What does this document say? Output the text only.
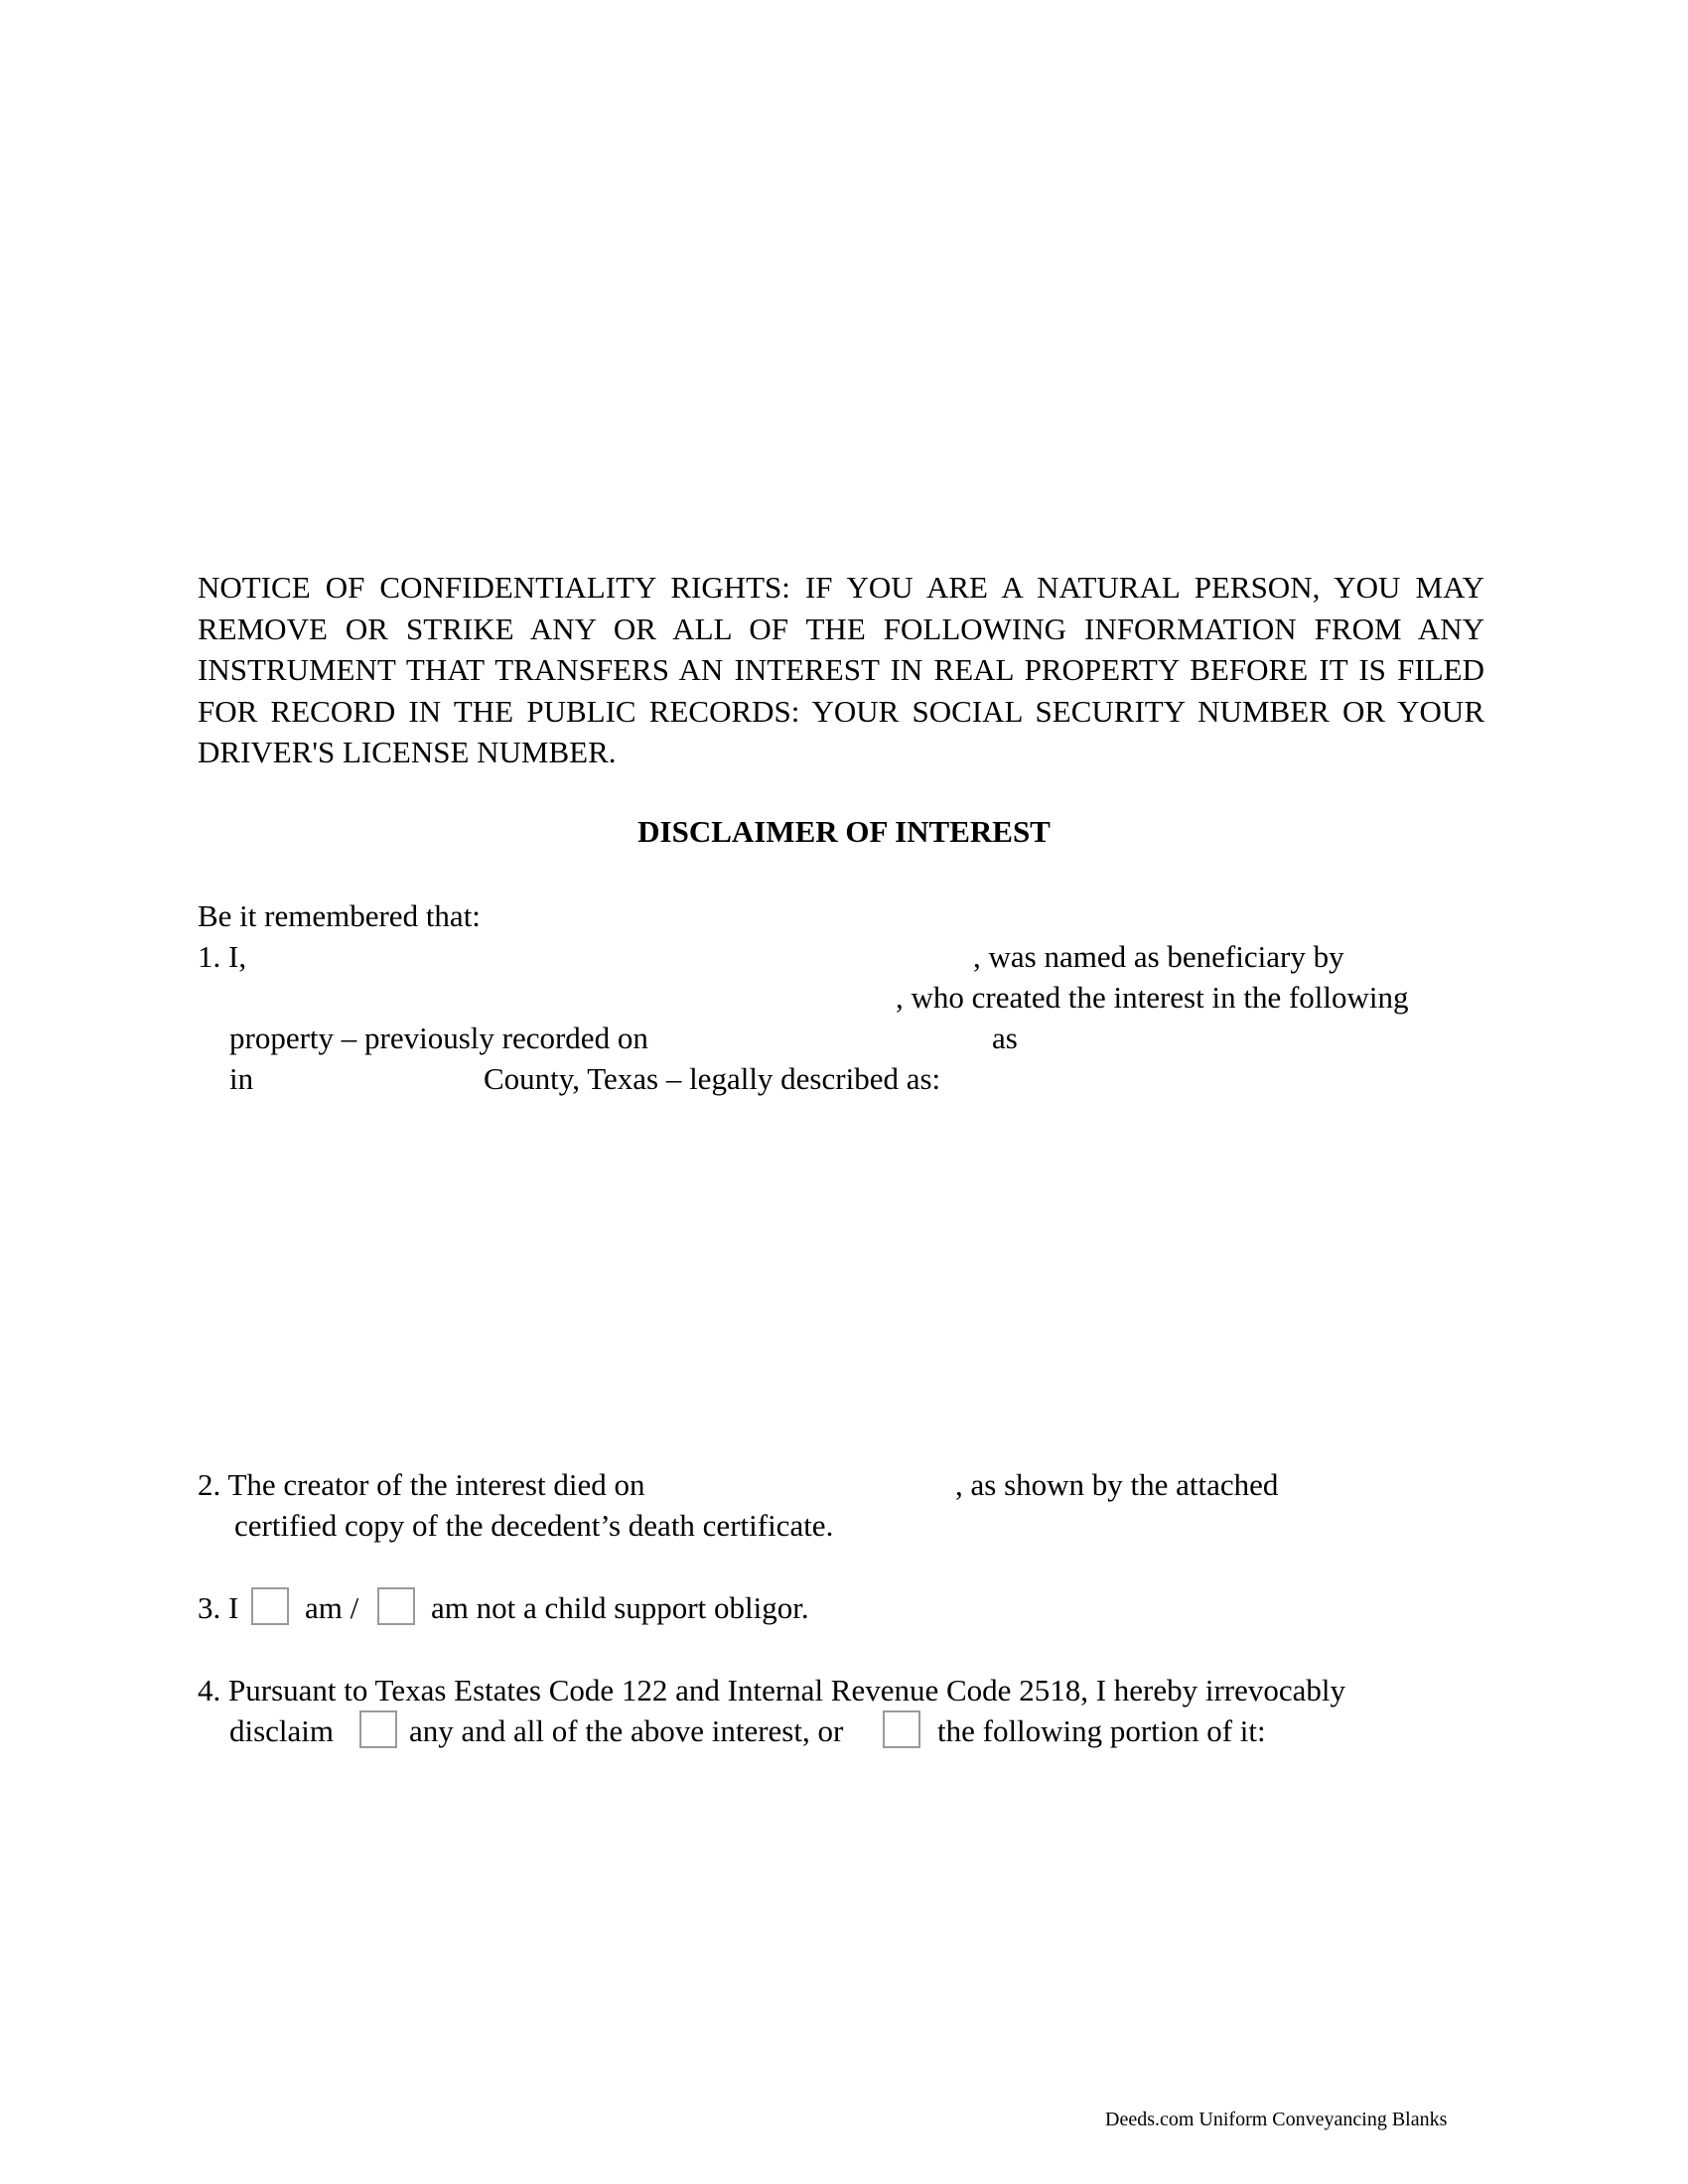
NOTICE OF CONFIDENTIALITY RIGHTS: IF YOU ARE A NATURAL PERSON, YOU MAY REMOVE OR STRIKE ANY OR ALL OF THE FOLLOWING INFORMATION FROM ANY INSTRUMENT THAT TRANSFERS AN INTEREST IN REAL PROPERTY BEFORE IT IS FILED FOR RECORD IN THE PUBLIC RECORDS: YOUR SOCIAL SECURITY NUMBER OR YOUR DRIVER'S LICENSE NUMBER.
DISCLAIMER OF INTEREST
Be it remembered that:
1. I,	, was named as beneficiary by
, who created the interest in the following
property – previously recorded on	as
in	County, Texas – legally described as:
2. The creator of the interest died on	, as shown by the attached
certified copy of the decedent’s death certificate.
3. I am / am not a child support obligor.
4. Pursuant to Texas Estates Code 122 and Internal Revenue Code 2518, I hereby irrevocably
disclaim any and all of the above interest, or	the following portion of it:
Deeds.com Uniform Conveyancing Blanks
